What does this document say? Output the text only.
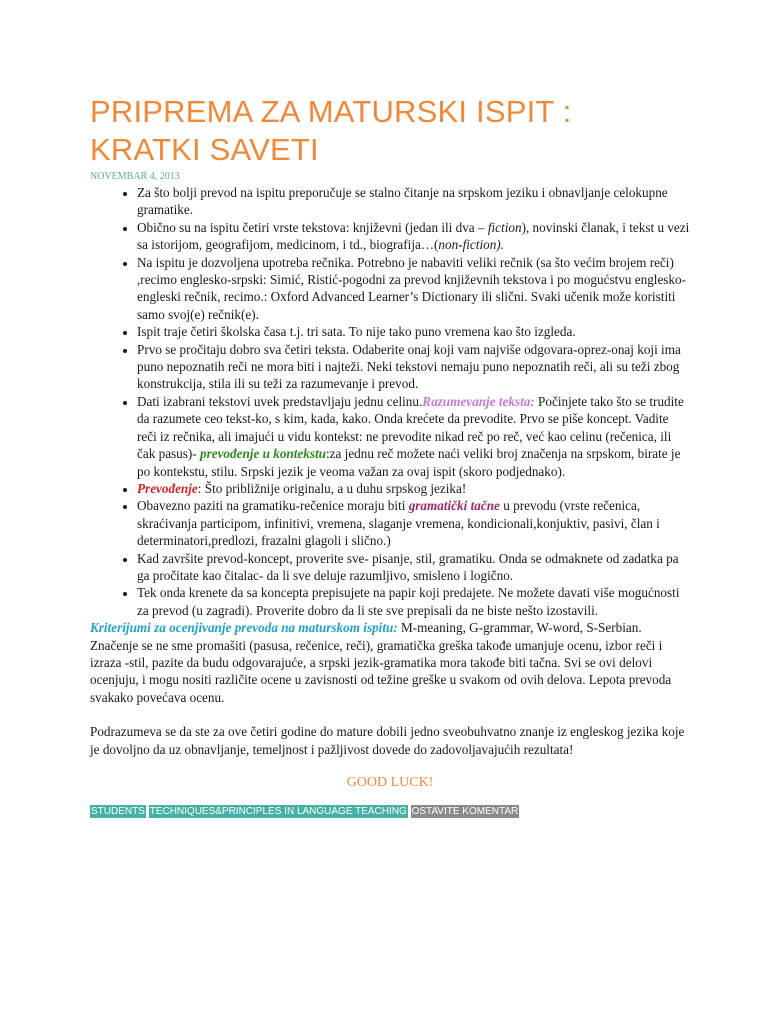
PRIPREMA ZA MATURSKI ISPIT :
KRATKI SAVETI
NOVEMBAR 4, 2013
• Za što bolji prevod na ispitu preporučuje se stalno čitanje na srpskom jeziku i obnavljanje celokupne gramatike.
• Obično su na ispitu četiri vrste tekstova: književni (jedan ili dva – fiction), novinski članak, i tekst u vezi sa istorijom, geografijom, medicinom, i td., biografija…(non-fiction).
• Na ispitu je dozvoljena upotreba rečnika. Potrebno je nabaviti veliki rečnik (sa što većim brojem reči) ,recimo englesko-srpski: Simić, Ristić-pogodni za prevod književnih tekstova i po mogućstvu englesko-engleski rečnik, recimo.: Oxford Advanced Learner’s Dictionary ili slični. Svaki učenik može koristiti samo svoj(e) rečnik(e).
• Ispit traje četiri školska časa t.j. tri sata. To nije tako puno vremena kao što izgleda.
• Prvo se pročitaju dobro sva četiri teksta. Odaberite onaj koji vam najviše odgovara-oprez-onaj koji ima puno nepoznatih reči ne mora biti i najteži. Neki tekstovi nemaju puno nepoznatih reči, ali su teži zbog konstrukcija, stila ili su teži za razumevanje i prevod.
• Dati izabrani tekstovi uvek predstavljaju jednu celinu.Razumevanje teksta: Počinjete tako što se trudite da razumete ceo tekst-ko, s kim, kada, kako. Onda krećete da prevodite. Prvo se piše koncept. Vadite reči iz rečnika, ali imajući u vidu kontekst: ne prevodite nikad reč po reč, već kao celinu (rečenica, ili čak pasus)- prevođenje u kontekstu:za jednu reč možete naći veliki broj značenja na srpskom, birate je po kontekstu, stilu. Srpski jezik je veoma važan za ovaj ispit (skoro podjednako).
• Prevođenje: Što približnije originalu, a u duhu srpskog jezika!
• Obavezno paziti na gramatiku-rečenice moraju biti gramatički tačne u prevodu (vrste rečenica, skraćivanja participom, infinitivi, vremena, slaganje vremena, kondicionali,konjuktiv, pasivi, član i determinatori,predlozi, frazalni glagoli i slično.)
• Kad završite prevod-koncept, proverite sve- pisanje, stil, gramatiku. Onda se odmaknete od zadatka pa ga pročitate kao čitalac- da li sve deluje razumljivo, smisleno i logično.
• Tek onda krenete da sa koncepta prepisujete na papir koji predajete. Ne možete davati više mogućnosti za prevod (u zagradi). Proverite dobro da li ste sve prepisali da ne biste nešto izostavili.

Kriterijumi za ocenjivanje prevoda na maturskom ispitu: M-meaning, G-grammar, W-word, S-Serbian. Značenje se ne sme promašiti (pasusa, rečenice, reči), gramatička greška takođe umanjuje ocenu, izbor reči i izraza -stil, pazite da budu odgovarajuće, a srpski jezik-gramatika mora takođe biti tačna. Svi se ovi delovi ocenjuju, i mogu nositi različite ocene u zavisnosti od težine greške u svakom od ovih delova. Lepota prevoda svakako povećava ocenu.

Podrazumeva se da ste za ove četiri godine do mature dobili jedno sveobuhvatno znanje iz engleskog jezika koje je dovoljno da uz obnavljanje, temeljnost i pažljivost dovede do zadovoljavajućih rezultata!

GOOD LUCK!
STUDENTS TECHNIQUES&PRINCIPLES IN LANGUAGE TEACHING OSTAVITE KOMENTAR
